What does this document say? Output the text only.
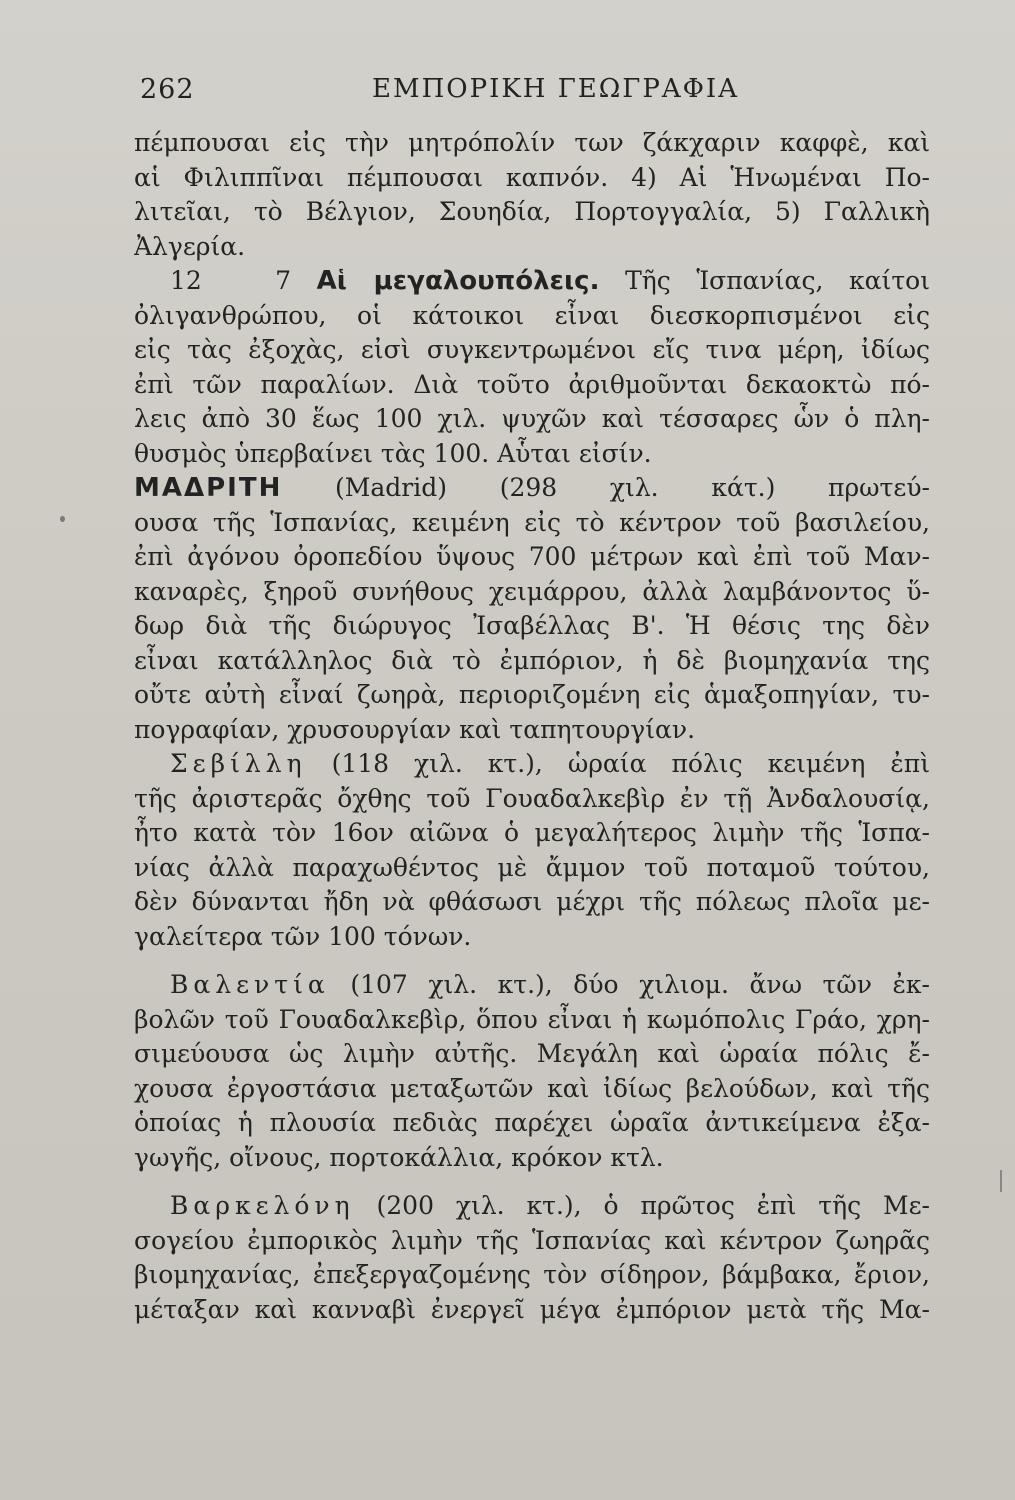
262	ΕΜΠΟΡΙΚΗ ΓΕΩΓΡΑΦΙΑ
πέμπουσαι εἰς τὴν μητρόπολίν των ζάκχαριν καφφὲ, καὶ
αἱ Φιλιππῖναι πέμπουσαι καπνόν. 4) Αἱ Ἡνωμέναι Πο-
λιτεῖαι, τὸ Βέλγιον, Σουηδία, Πορτογγαλία, 5) Γαλλικὴ
Ἀλγερία.
12	7 Αἱ μεγαλουπόλεις. Τῆς Ἱσπανίας, καίτοι
ὀλιγανθρώπου, οἱ κάτοικοι εἶναι διεσκορπισμένοι εἰς
εἰς τὰς ἐξοχὰς, εἰσὶ συγκεντρωμένοι εἴς τινα μέρη, ἰδίως
ἐπὶ τῶν παραλίων. Διὰ τοῦτο ἀριθμοῦνται δεκαοκτὼ πό-
λεις ἀπὸ 30 ἕως 100 χιλ. ψυχῶν καὶ τέσσαρες ὧν ὁ πλη-
θυσμὸς ὑπερβαίνει τὰς 100. Αὗται εἰσίν.
ΜΑΔΡΙΤΗ (Madrid) (298 χιλ. κάτ.) πρωτεύ-
ουσα τῆς Ἱσπανίας, κειμένη εἰς τὸ κέντρον τοῦ βασιλείου,
ἐπὶ ἀγόνου ὀροπεδίου ὕψους 700 μέτρων καὶ ἐπὶ τοῦ Μαν-
καναρὲς, ξηροῦ συνήθους χειμάρρου, ἀλλὰ λαμβάνοντος ὕ-
δωρ διὰ τῆς διώρυγος Ἰσαβέλλας Β'. Ἡ θέσις της δὲν
εἶναι κατάλληλος διὰ τὸ ἐμπόριον, ἡ δὲ βιομηχανία της
οὔτε αὐτὴ εἶναί ζωηρὰ, περιοριζομένη εἰς ἁμαξοπηγίαν, τυ-
πογραφίαν, χρυσουργίαν καὶ ταπητουργίαν.
Σεβίλλη (118 χιλ. κτ.), ὡραία πόλις κειμένη ἐπὶ
τῆς ἀριστερᾶς ὄχθης τοῦ Γουαδαλκεβὶρ ἐν τῇ Ἀνδαλουσίᾳ,
ἦτο κατὰ τὸν 16ον αἰῶνα ὁ μεγαλήτερος λιμὴν τῆς Ἱσπα-
νίας ἀλλὰ παραχωθέντος μὲ ἄμμον τοῦ ποταμοῦ τούτου,
δὲν δύνανται ἤδη νὰ φθάσωσι μέχρι τῆς πόλεως πλοῖα με-
γαλείτερα τῶν 100 τόνων.
Βαλεντία (107 χιλ. κτ.), δύο χιλιομ. ἄνω τῶν ἐκ-
βολῶν τοῦ Γουαδαλκεβὶρ, ὅπου εἶναι ἡ κωμόπολις Γράο, χρη-
σιμεύουσα ὡς λιμὴν αὐτῆς. Μεγάλη καὶ ὡραία πόλις ἔ-
χουσα ἐργοστάσια μεταξωτῶν καὶ ἰδίως βελούδων, καὶ τῆς
ὁποίας ἡ πλουσία πεδιὰς παρέχει ὡραῖα ἀντικείμενα ἐξα-
γωγῆς, οἴνους, πορτοκάλλια, κρόκον κτλ.
Βαρκελόνη (200 χιλ. κτ.), ὁ πρῶτος ἐπὶ τῆς Με-
σογείου ἐμπορικὸς λιμὴν τῆς Ἱσπανίας καὶ κέντρον ζωηρᾶς
βιομηχανίας, ἐπεξεργαζομένης τὸν σίδηρον, βάμβακα, ἔριον,
μέταξαν καὶ κανναβὶ ἐνεργεῖ μέγα ἐμπόριον μετὰ τῆς Μα-
